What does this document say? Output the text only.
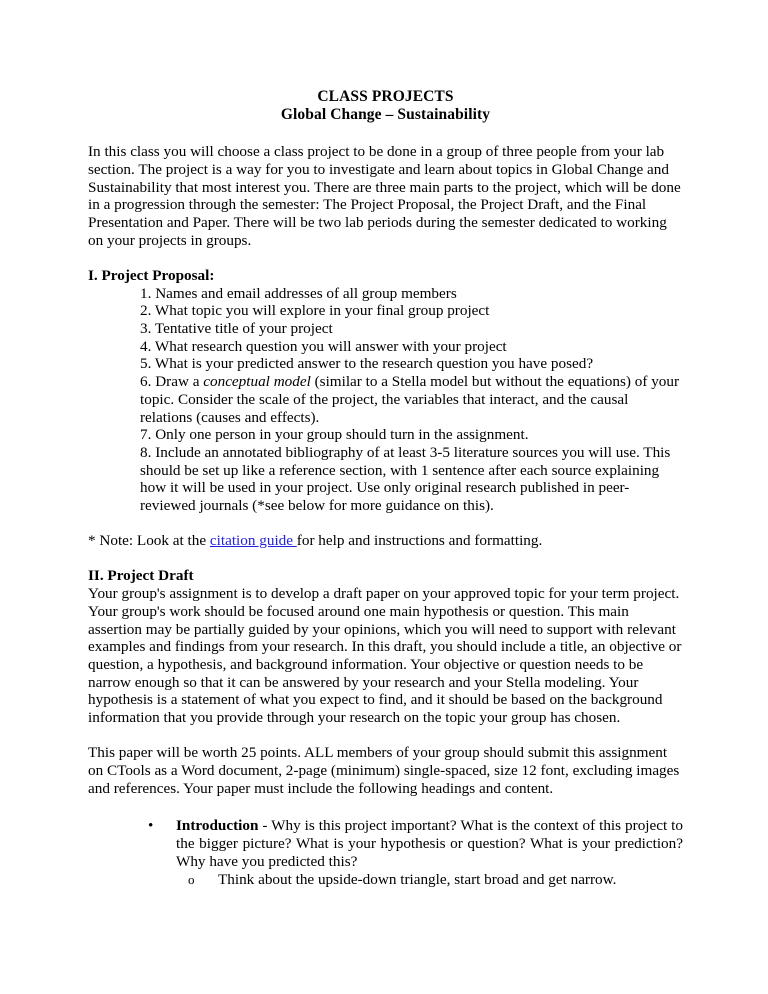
CLASS PROJECTS
Global Change – Sustainability

In this class you will choose a class project to be done in a group of three people from your lab section. The project is a way for you to investigate and learn about topics in Global Change and Sustainability that most interest you. There are three main parts to the project, which will be done in a progression through the semester: The Project Proposal, the Project Draft, and the Final Presentation and Paper. There will be two lab periods during the semester dedicated to working on your projects in groups.

I. Project Proposal:

1. Names and email addresses of all group members
2. What topic you will explore in your final group project
3. Tentative title of your project
4. What research question you will answer with your project
5. What is your predicted answer to the research question you have posed?
6. Draw a conceptual model (similar to a Stella model but without the equations) of your topic. Consider the scale of the project, the variables that interact, and the causal relations (causes and effects).
7. Only one person in your group should turn in the assignment.
8. Include an annotated bibliography of at least 3-5 literature sources you will use. This should be set up like a reference section, with 1 sentence after each source explaining how it will be used in your project. Use only original research published in peer-reviewed journals (*see below for more guidance on this).

* Note: Look at the citation guide for help and instructions and formatting.

II. Project Draft

Your group's assignment is to develop a draft paper on your approved topic for your term project. Your group's work should be focused around one main hypothesis or question. This main assertion may be partially guided by your opinions, which you will need to support with relevant examples and findings from your research. In this draft, you should include a title, an objective or question, a hypothesis, and background information. Your objective or question needs to be narrow enough so that it can be answered by your research and your Stella modeling. Your hypothesis is a statement of what you expect to find, and it should be based on the background information that you provide through your research on the topic your group has chosen.

This paper will be worth 25 points. ALL members of your group should submit this assignment on CTools as a Word document, 2-page (minimum) single-spaced, size 12 font, excluding images and references. Your paper must include the following headings and content.

•	Introduction - Why is this project important? What is the context of this project to the bigger picture? What is your hypothesis or question? What is your prediction? Why have you predicted this?
o	Think about the upside-down triangle, start broad and get narrow.
